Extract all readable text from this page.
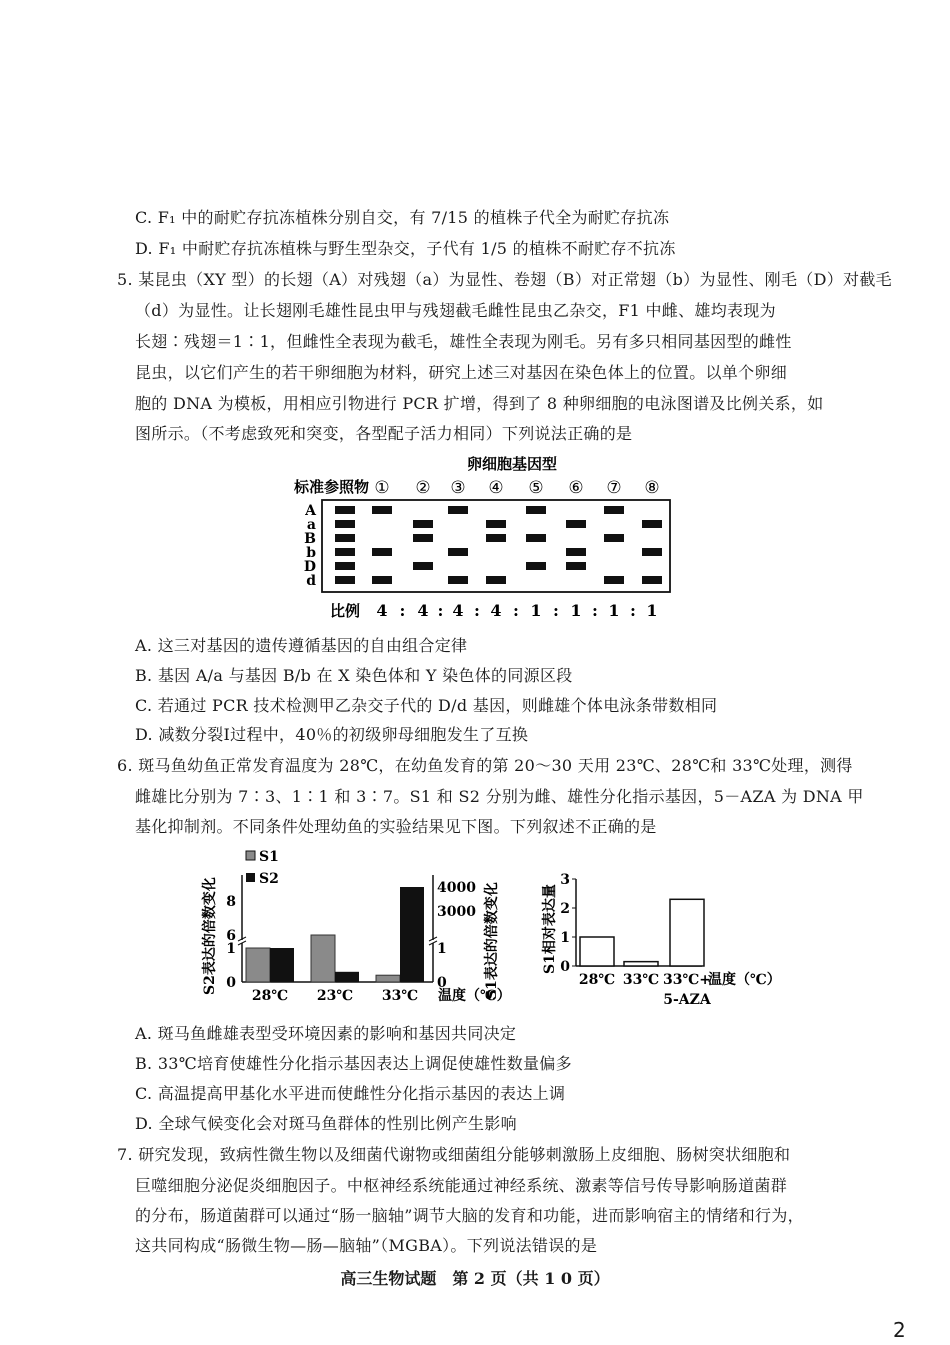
C. F₁ 中的耐贮存抗冻植株分别自交，有 7/15 的植株子代全为耐贮存抗冻
D. F₁ 中耐贮存抗冻植株与野生型杂交，子代有 1/5 的植株不耐贮存不抗冻
5. 某昆虫（XY 型）的长翅（A）对残翅（a）为显性、卷翅（B）对正常翅（b）为显性、刚毛（D）对截毛
（d）为显性。让长翅刚毛雄性昆虫甲与残翅截毛雌性昆虫乙杂交，F1 中雌、雄均表现为
长翅∶残翅＝1∶1，但雌性全表现为截毛，雄性全表现为刚毛。另有多只相同基因型的雌性
昆虫，以它们产生的若干卵细胞为材料，研究上述三对基因在染色体上的位置。以单个卵细
胞的 DNA 为模板，用相应引物进行 PCR 扩增，得到了 8 种卵细胞的电泳图谱及比例关系，如
图所示。（不考虑致死和突变，各型配子活力相同）下列说法正确的是
卵细胞基因型
标准参照物 ① ② ③ ④ ⑤ ⑥ ⑦ ⑧
A
a
B
b
D
d
比例 4 : 4 : 4 : 4 : 1 : 1 : 1 : 1
A. 这三对基因的遗传遵循基因的自由组合定律
B. 基因 A/a 与基因 B/b 在 X 染色体和 Y 染色体的同源区段
C. 若通过 PCR 技术检测甲乙杂交子代的 D/d 基因，则雌雄个体电泳条带数相同
D. 减数分裂Ⅰ过程中，40％的初级卵母细胞发生了互换
6. 斑马鱼幼鱼正常发育温度为 28℃，在幼鱼发育的第 20～30 天用 23℃、28℃和 33℃处理，测得
雌雄比分别为 7∶3、1∶1 和 3∶7。S1 和 S2 分别为雌、雄性分化指示基因，5－AZA 为 DNA 甲
基化抑制剂。不同条件处理幼鱼的实验结果见下图。下列叙述不正确的是
0
1
6
8
0
1
3000
4000
S2表达的倍数变化	S1表达的倍数变化
S1
S2
28℃ 23℃ 33℃ 温度（℃）
0
1
2
3
S1相对表达量
28℃ 33℃ 33℃+
5-AZA
温度（℃）
A. 斑马鱼雌雄表型受环境因素的影响和基因共同决定
B. 33℃培育使雄性分化指示基因表达上调促使雄性数量偏多
C. 高温提高甲基化水平进而使雌性分化指示基因的表达上调
D. 全球气候变化会对斑马鱼群体的性别比例产生影响
7. 研究发现，致病性微生物以及细菌代谢物或细菌组分能够刺激肠上皮细胞、肠树突状细胞和
巨噬细胞分泌促炎细胞因子。中枢神经系统能通过神经系统、激素等信号传导影响肠道菌群
的分布，肠道菌群可以通过“肠一脑轴”调节大脑的发育和功能，进而影响宿主的情绪和行为，
这共同构成“肠微生物—肠—脑轴”（MGBA）。下列说法错误的是
高三生物试题　第 2 页（共 1 0 页）
2
